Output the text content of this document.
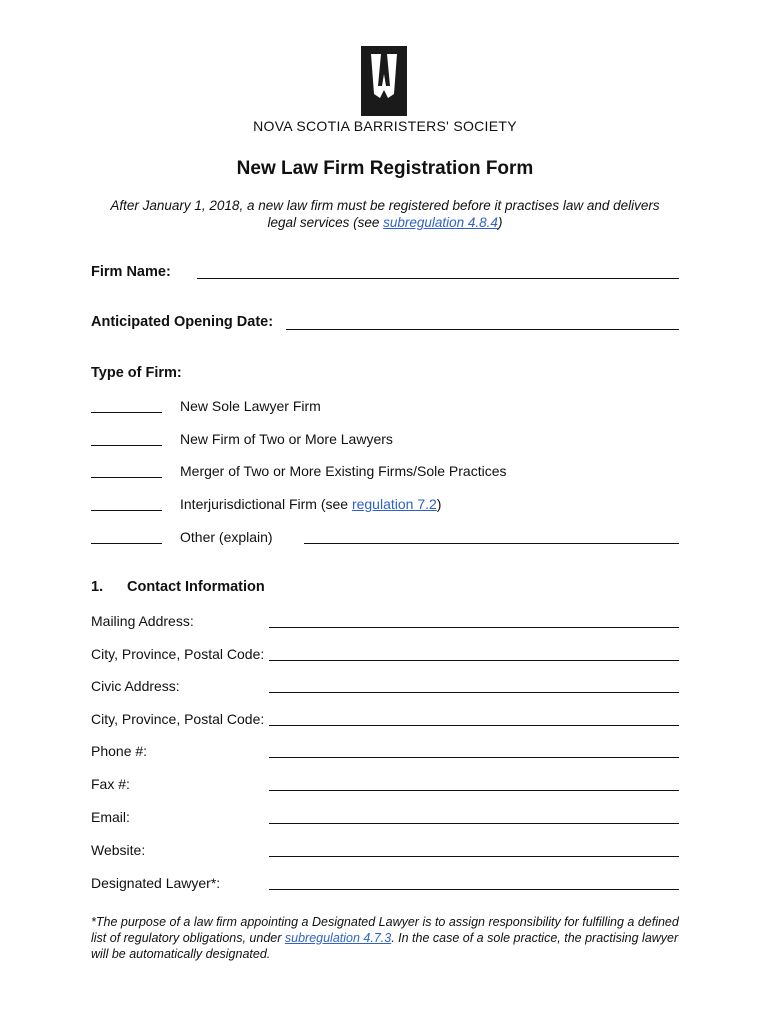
NOVA SCOTIA BARRISTERS' SOCIETY
New Law Firm Registration Form
After January 1, 2018, a new law firm must be registered before it practises law and delivers
legal services (see subregulation 4.8.4)
Firm Name:
Anticipated Opening Date:
Type of Firm:
New Sole Lawyer Firm
New Firm of Two or More Lawyers
Merger of Two or More Existing Firms/Sole Practices
Interjurisdictional Firm (see regulation 7.2)
Other (explain)
1. Contact Information
Mailing Address:
City, Province, Postal Code:
Civic Address:
City, Province, Postal Code:
Phone #:
Fax #:
Email:
Website:
Designated Lawyer*:
*The purpose of a law firm appointing a Designated Lawyer is to assign responsibility for fulfilling a defined list of regulatory obligations, under subregulation 4.7.3. In the case of a sole practice, the practising lawyer will be automatically designated.
